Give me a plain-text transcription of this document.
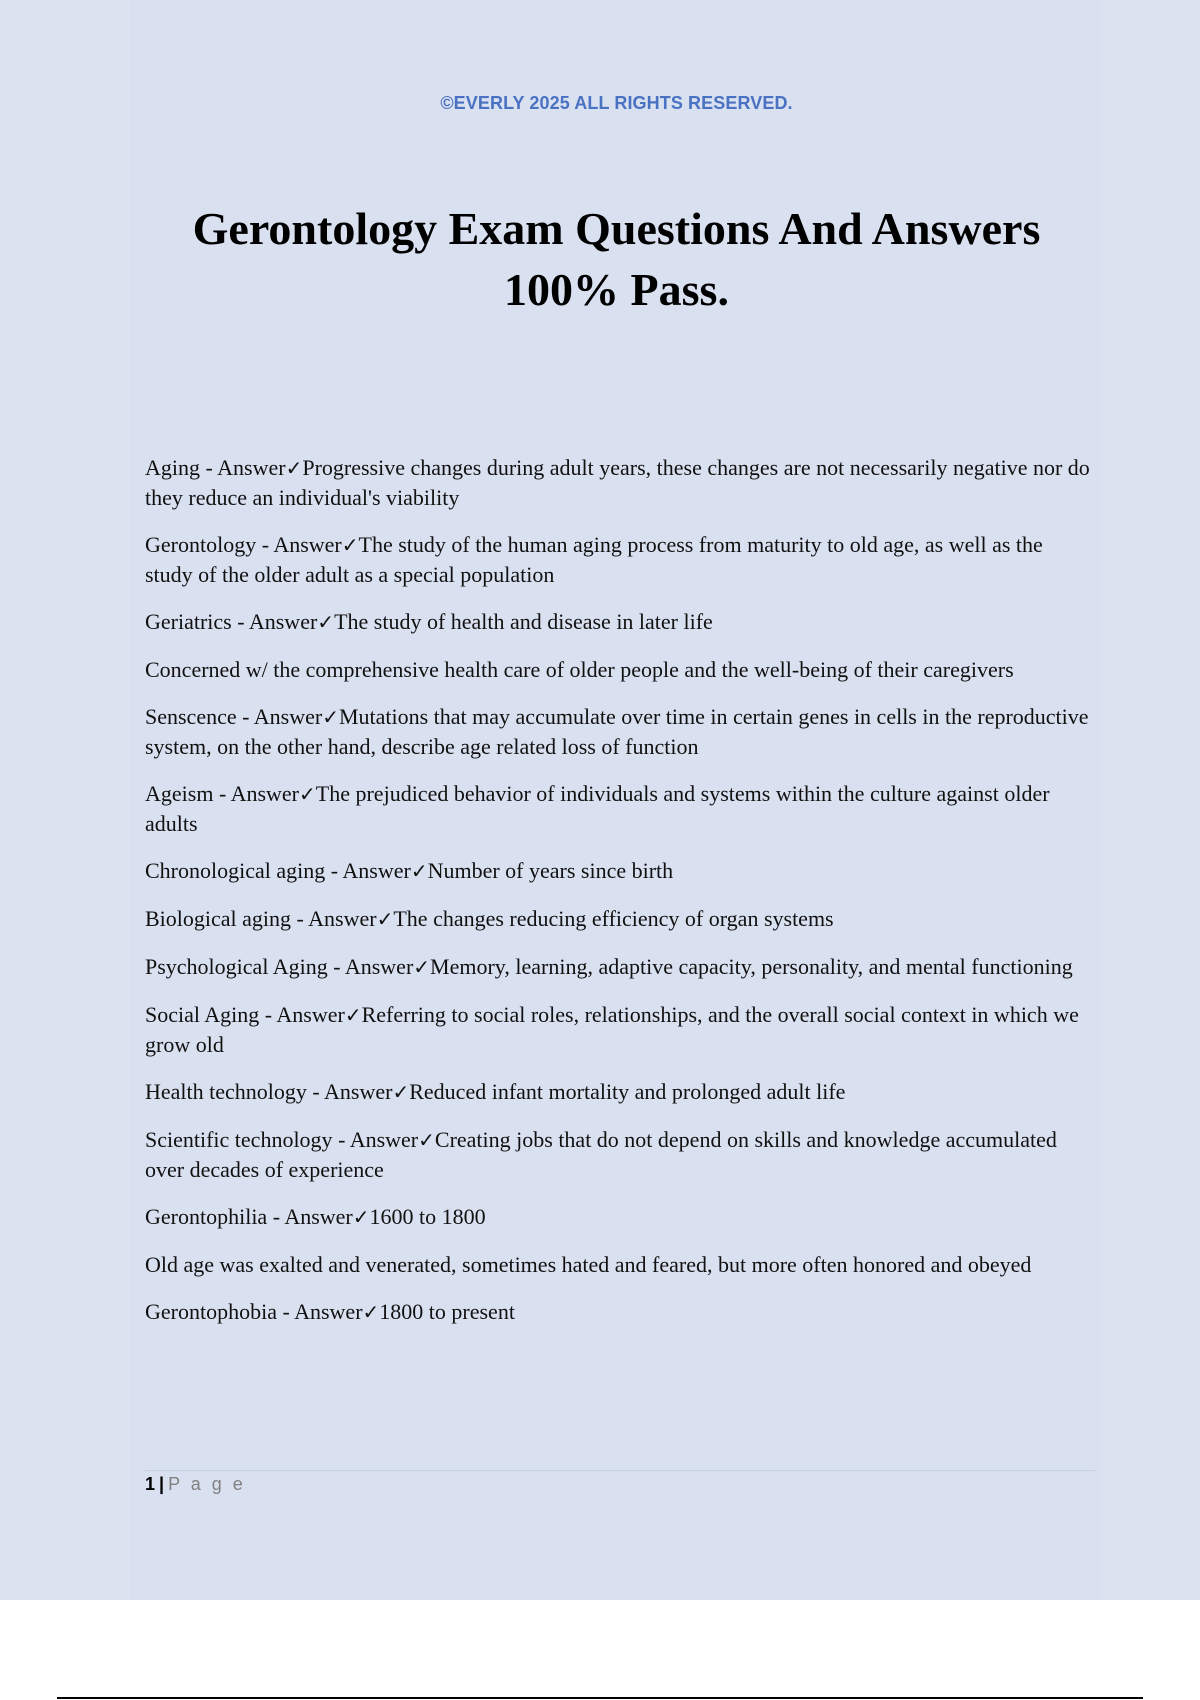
©EVERLY 2025 ALL RIGHTS RESERVED.
Gerontology Exam Questions And Answers
100% Pass.

Aging - Answer✓Progressive changes during adult years, these changes are not necessarily negative nor do they reduce an individual's viability

Gerontology - Answer✓The study of the human aging process from maturity to old age, as well as the study of the older adult as a special population

Geriatrics - Answer✓The study of health and disease in later life

Concerned w/ the comprehensive health care of older people and the well-being of their caregivers

Senscence - Answer✓Mutations that may accumulate over time in certain genes in cells in the reproductive system, on the other hand, describe age related loss of function

Ageism - Answer✓The prejudiced behavior of individuals and systems within the culture against older adults

Chronological aging - Answer✓Number of years since birth

Biological aging - Answer✓The changes reducing efficiency of organ systems

Psychological Aging - Answer✓Memory, learning, adaptive capacity, personality, and mental functioning

Social Aging - Answer✓Referring to social roles, relationships, and the overall social context in which we grow old

Health technology - Answer✓Reduced infant mortality and prolonged adult life

Scientific technology - Answer✓Creating jobs that do not depend on skills and knowledge accumulated over decades of experience

Gerontophilia - Answer✓1600 to 1800

Old age was exalted and venerated, sometimes hated and feared, but more often honored and obeyed

Gerontophobia - Answer✓1800 to present

1 | P a g e
